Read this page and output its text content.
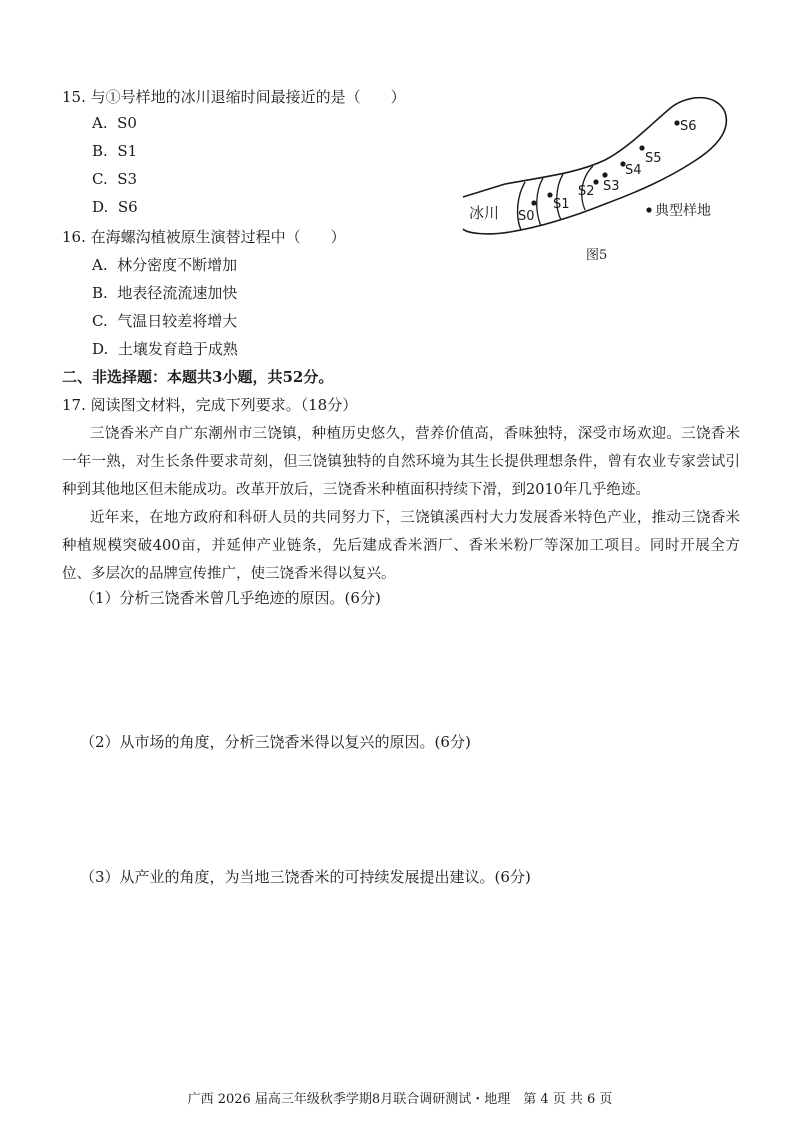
15. 与①号样地的冰川退缩时间最接近的是（　　）
A. S0
B. S1
C. S3
D. S6
16. 在海螺沟植被原生演替过程中（　　）
A. 林分密度不断增加
B. 地表径流流速加快
C. 气温日较差将增大
D. 土壤发育趋于成熟
冰川 S0
S1
S2 S3
S4
S5
S6
典型样地
图5
二、非选择题：本题共3小题，共52分。
17. 阅读图文材料，完成下列要求。（18分）
三饶香米产自广东潮州市三饶镇，种植历史悠久，营养价值高，香味独特，深受市场欢迎。三饶香米一年一熟，对生长条件要求苛刻，但三饶镇独特的自然环境为其生长提供理想条件，曾有农业专家尝试引种到其他地区但未能成功。改革开放后，三饶香米种植面积持续下滑，到2010年几乎绝迹。
近年来，在地方政府和科研人员的共同努力下，三饶镇溪西村大力发展香米特色产业，推动三饶香米种植规模突破400亩，并延伸产业链条，先后建成香米酒厂、香米米粉厂等深加工项目。同时开展全方位、多层次的品牌宣传推广，使三饶香米得以复兴。
（1）分析三饶香米曾几乎绝迹的原因。(6分)
（2）从市场的角度，分析三饶香米得以复兴的原因。(6分)
（3）从产业的角度，为当地三饶香米的可持续发展提出建议。(6分)
广西 2026 届高三年级秋季学期8月联合调研测试・地理　第 4 页 共 6 页
